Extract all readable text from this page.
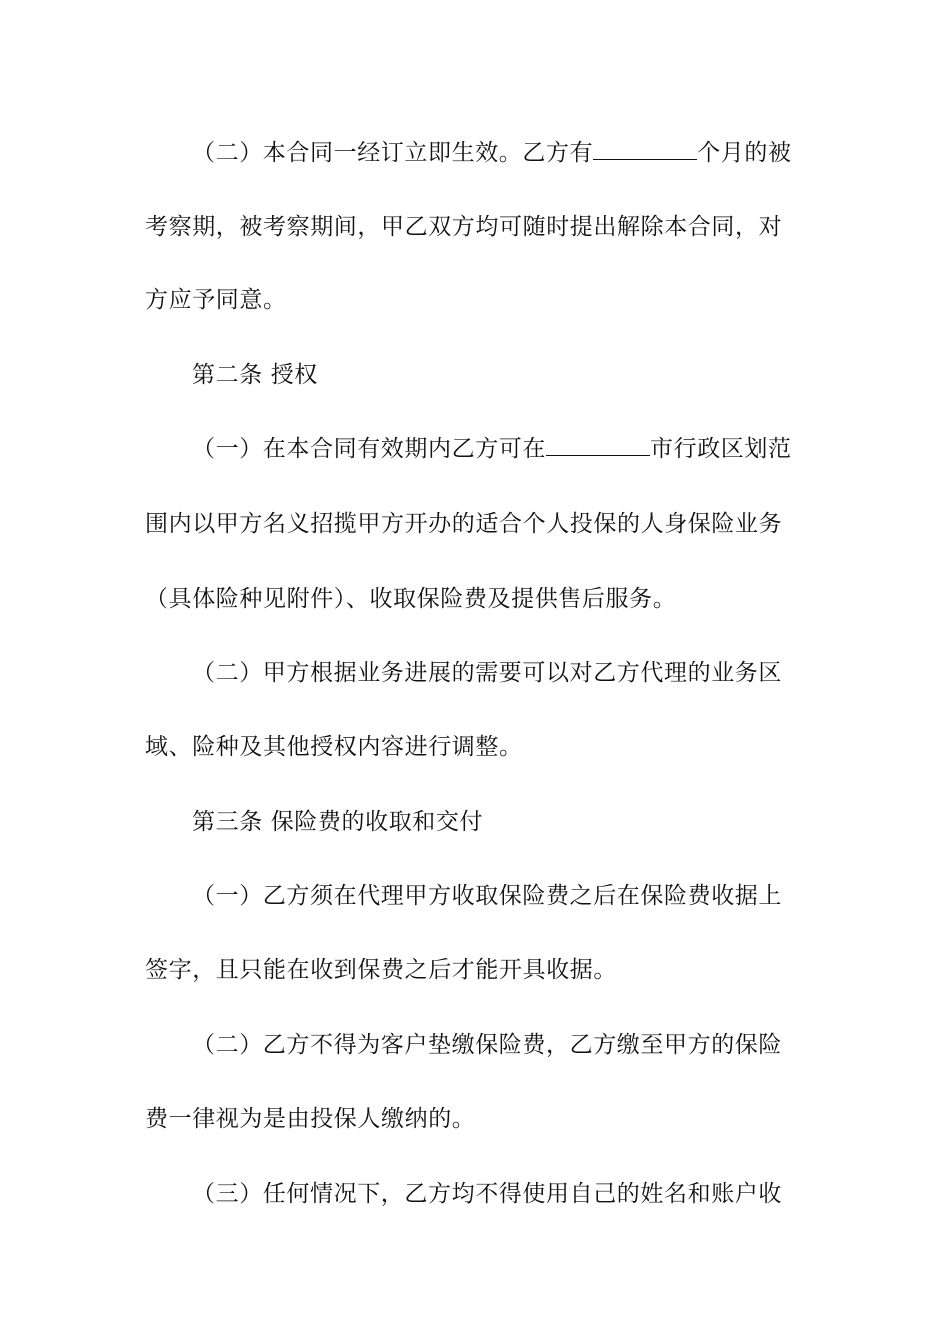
（二）本合同一经订立即生效。乙方有	个月的被
考察期，被考察期间，甲乙双方均可随时提出解除本合同，对
方应予同意。
第二条 授权
（一）在本合同有效期内乙方可在	市行政区划范
围内以甲方名义招揽甲方开办的适合个人投保的人身保险业务
（具体险种见附件）、收取保险费及提供售后服务。
（二）甲方根据业务进展的需要可以对乙方代理的业务区
域、险种及其他授权内容进行调整。
第三条 保险费的收取和交付
（一）乙方须在代理甲方收取保险费之后在保险费收据上
签字，且只能在收到保费之后才能开具收据。
（二）乙方不得为客户垫缴保险费，乙方缴至甲方的保险
费一律视为是由投保人缴纳的。
（三）任何情况下，乙方均不得使用自己的姓名和账户收
